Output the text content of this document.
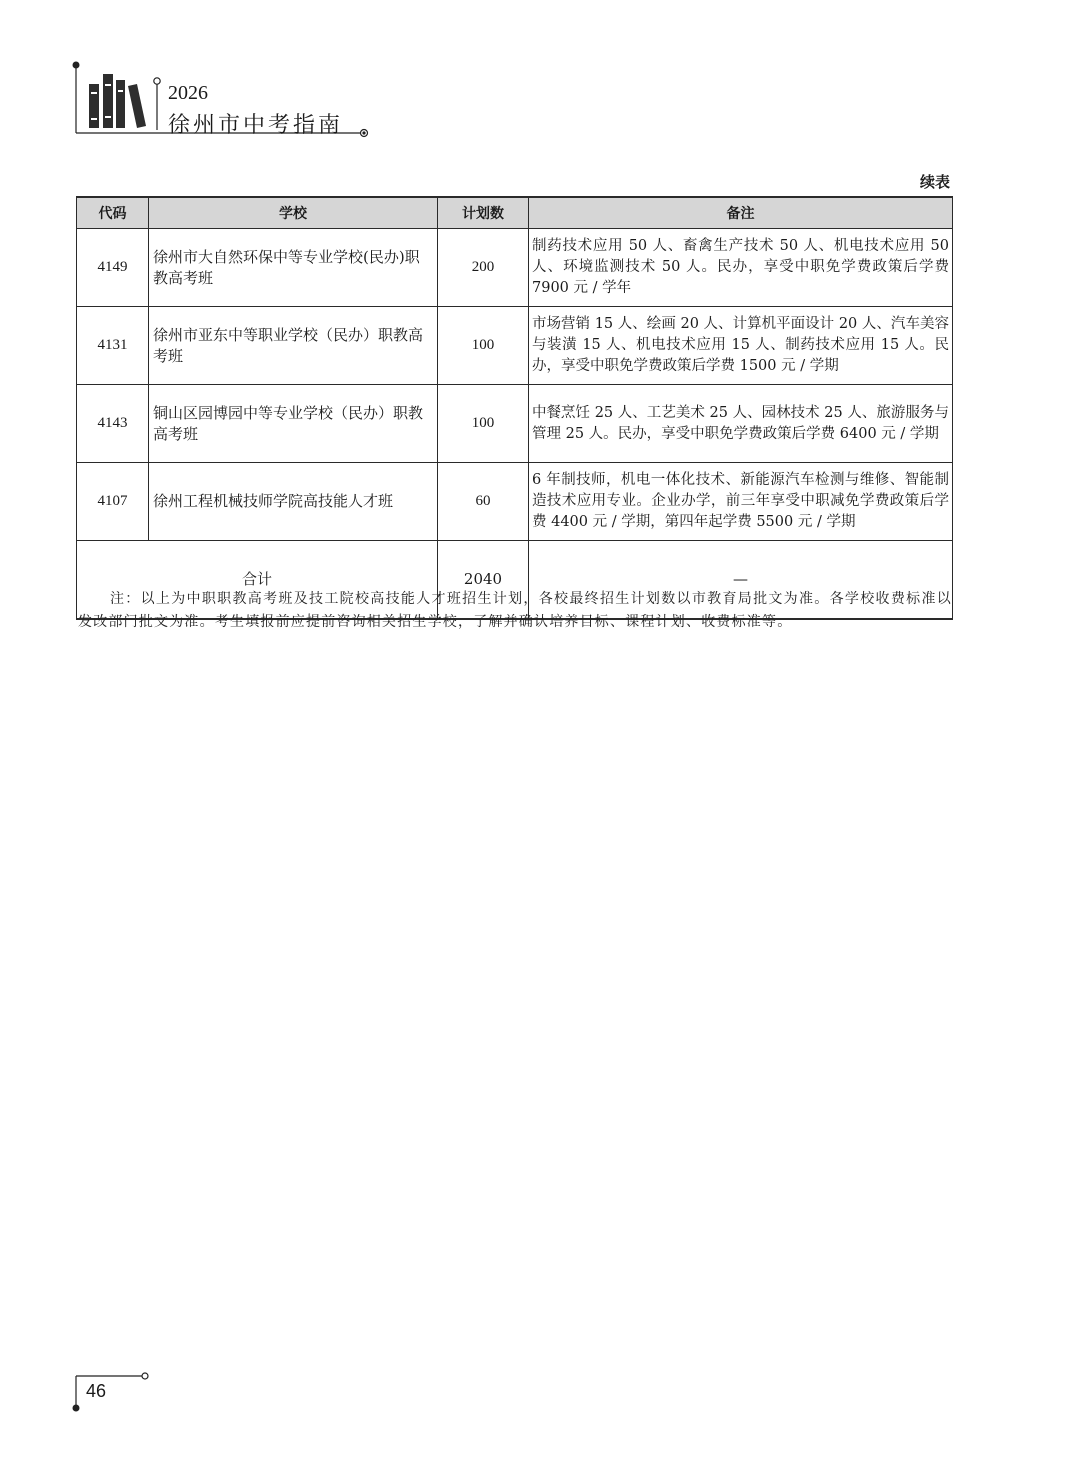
2026
徐州市中考指南
续表
代码	学校	计划数	备注
4149	徐州市大自然环保中等专业学校(民办)职教高考班	200	制药技术应用 50 人、畜禽生产技术 50 人、机电技术应用 50 人、环境监测技术 50 人。民办，享受中职免学费政策后学费 7900 元 / 学年
4131	徐州市亚东中等职业学校（民办）职教高考班	100	市场营销 15 人、绘画 20 人、计算机平面设计 20 人、汽车美容与装潢 15 人、机电技术应用 15 人、制药技术应用 15 人。民办，享受中职免学费政策后学费 1500 元 / 学期
4143	铜山区园博园中等专业学校（民办）职教高考班	100	中餐烹饪 25 人、工艺美术 25 人、园林技术 25 人、旅游服务与管理 25 人。民办，享受中职免学费政策后学费 6400 元 / 学期
4107	徐州工程机械技师学院高技能人才班	60	6 年制技师，机电一体化技术、新能源汽车检测与维修、智能制造技术应用专业。企业办学，前三年享受中职减免学费政策后学费 4400 元 / 学期，第四年起学费 5500 元 / 学期
合计		2040	—
注：以上为中职职教高考班及技工院校高技能人才班招生计划，各校最终招生计划数以市教育局批文为准。各学校收费标准以发改部门批文为准。考生填报前应提前咨询相关招生学校，了解并确认培养目标、课程计划、收费标准等。
46
